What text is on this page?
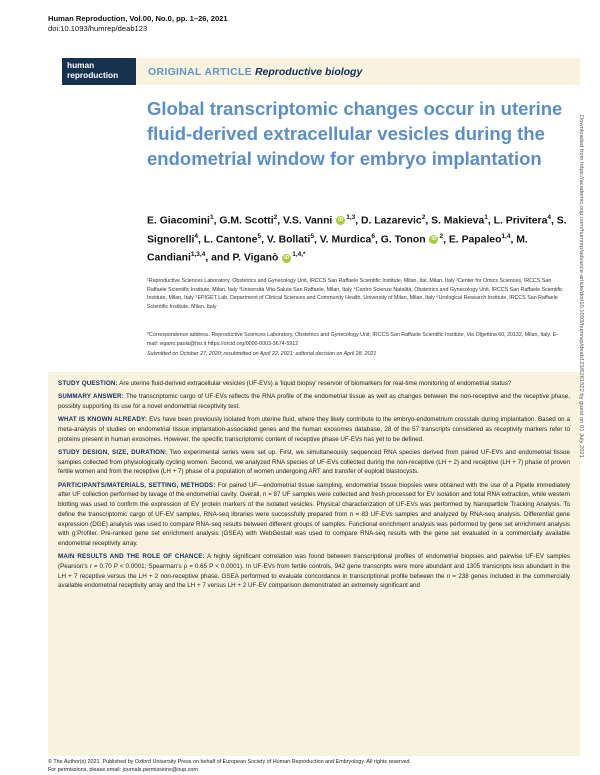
Human Reproduction, Vol.00, No.0, pp. 1–26, 2021
doi:10.1093/humrep/deab123
human
reproduction	ORIGINAL ARTICLE Reproductive biology
Global transcriptomic changes occur in uterine fluid-derived extracellular vesicles during the endometrial window for embryo implantation
E. Giacomini$^1$, G.M. Scotti$^2$, V.S. Vanni iD $^{1,3}$, D. Lazarevic$^2$, S. Makieva$^1$, L. Privitera$^4$, S. Signorelli$^4$, L. Cantone$^5$, V. Bollati$^5$, V. Murdica$^6$, G. Tonon iD $^2$, E. Papaleo$^{1,4}$, M. Candiani$^{1,3,4}$, and P. Viganò iD $^{1,4,*}$
¹Reproductive Sciences Laboratory, Obstetrics and Gynecology Unit, IRCCS San Raffaele Scientific Institute, Milan, Ital, Milan, Italy ²Center for Omics Sciences, IRCCS San Raffaele Scientific Institute, Milan, Italy ³Università Vita-Salute San Raffaele, Milan, Italy ⁴Centro Scienze Natalità, Obstetrics and Gynecology Unit, IRCCS San Raffaele Scientific Institute, Milan, Italy ⁵EPIGET Lab, Department of Clinical Sciences and Community Health, University of Milan, Milan, Italy ⁶Urological Research Institute, IRCCS San Raffaele Scientific Institute, Milan, Italy
*Correspondence address. Reproductive Sciences Laboratory, Obstetrics and Gynecology Unit, IRCCS San Raffaele Scientific Institute, Via Olgettina 60, 20132, Milan, Italy. E-mail: vigano.paola@hsr.it https://orcid.org/0000-0003-3674-5912
Submitted on October 27, 2020; resubmitted on April 22, 2021; editorial decision on April 28, 2021

STUDY QUESTION: Are uterine fluid-derived extracellular vesicles (UF-EVs) a 'liquid biopsy' reservoir of biomarkers for real-time monitoring of endometrial status?

SUMMARY ANSWER: The transcriptomic cargo of UF-EVs reflects the RNA profile of the endometrial tissue as well as changes between the non-receptive and the receptive phase, possibly supporting its use for a novel endometrial receptivity test.

WHAT IS KNOWN ALREADY: EVs have been previously isolated from uterine fluid, where they likely contribute to the embryo-endometrium crosstalk during implantation. Based on a meta-analysis of studies on endometrial tissue implantation-associated genes and the human exosomes database, 28 of the 57 transcripts considered as receptivity markers refer to proteins present in human exosomes. However, the specific transcriptomic content of receptive phase UF-EVs has yet to be defined.

STUDY DESIGN, SIZE, DURATION: Two experimental series were set up. First, we simultaneously sequenced RNA species derived from paired UF-EVs and endometrial tissue samples collected from physiologically cycling women. Second, we analyzed RNA species of UF-EVs collected during the non-receptive (LH + 2) and receptive (LH + 7) phase of proven fertile women and from the receptive (LH + 7) phase of a population of women undergoing ART and transfer of euploid blastocysts.

PARTICIPANTS/MATERIALS, SETTING, METHODS: For paired UF—endometrial tissue sampling, endometrial tissue biopsies were obtained with the use of a Pipelle immediately after UF collection performed by lavage of the endometrial cavity. Overall, n = 87 UF samples were collected and fresh processed for EV isolation and total RNA extraction, while western blotting was used to confirm the expression of EV protein markers of the isolated vesicles. Physical characterization of UF-EVs was performed by Nanoparticle Tracking Analysis. To define the transcriptomic cargo of UF-EV samples, RNA-seq libraries were successfully prepared from n = 83 UF-EVs samples and analyzed by RNA-seq analysis. Differential gene expression (DGE) analysis was used to compare RNA-seq results between different groups of samples. Functional enrichment analysis was performed by gene set enrichment analysis with g:Profiler. Pre-ranked gene set enrichment analysis (GSEA) with WebGestalt was used to compare RNA-seq results with the gene set evaluated in a commercially available endometrial receptivity array.

MAIN RESULTS AND THE ROLE OF CHANCE: A highly significant correlation was found between transcriptional profiles of endometrial biopsies and pairwise UF-EV samples (Pearson's r = 0.70 P < 0.0001; Spearman's ρ = 0.65 P < 0.0001). In UF-EVs from fertile controls, 942 gene transcripts were more abundant and 1305 transcripts less abundant in the LH + 7 receptive versus the LH + 2 non-receptive phase. GSEA performed to evaluate concordance in transcriptional profile between the n = 238 genes included in the commercially available endometrial receptivity array and the LH + 7 versus LH + 2 UF-EV comparison demonstrated an extremely significant and

© The Author(s) 2021. Published by Oxford University Press on behalf of European Society of Human Reproduction and Embryology. All rights reserved.
For permissions, please email: journals.permissions@oup.com
Downloaded from https://academic.oup.com/humrep/advance-article/doi/10.1093/humrep/deab123/6261522 by guest on 01 July 2021
